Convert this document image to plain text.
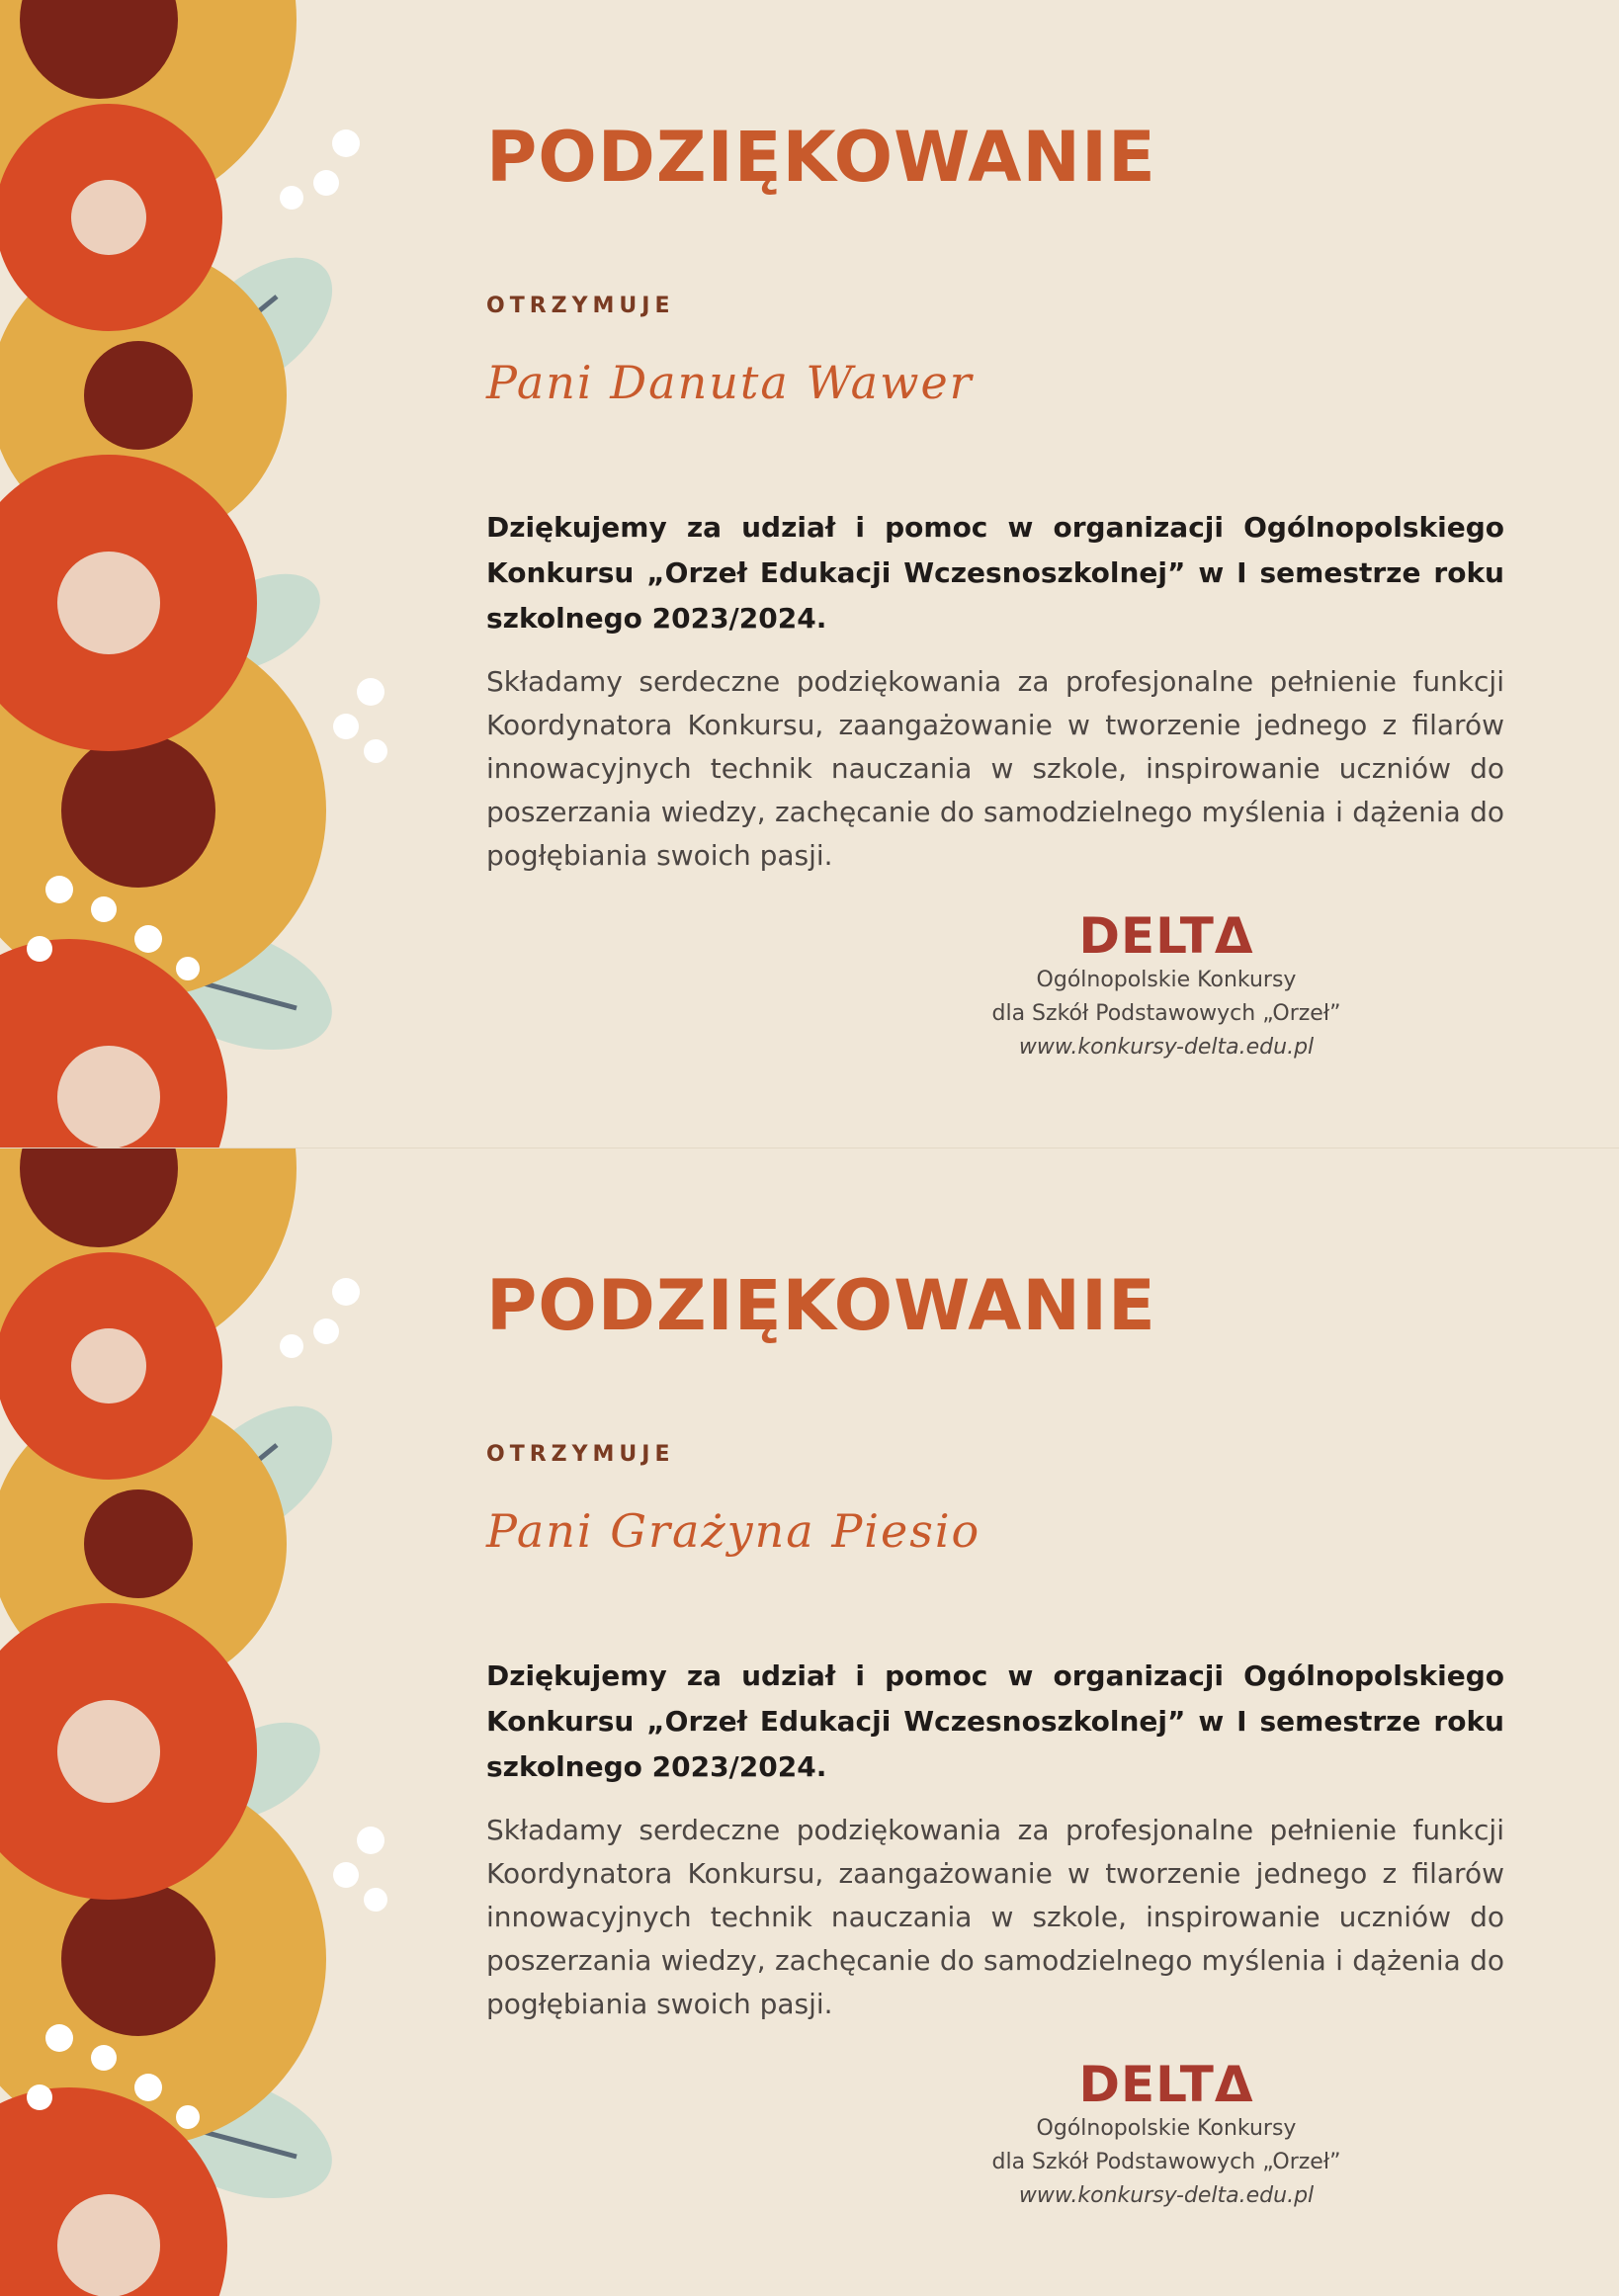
PODZIĘKOWANIE
OTRZYMUJE
Pani Danuta Wawer
Dziękujemy za udział i pomoc w organizacji Ogólnopolskiego Konkursu „Orzeł Edukacji Wczesnoszkolnej” w I semestrze roku szkolnego 2023/2024.
Składamy serdeczne podziękowania za profesjonalne pełnienie funkcji Koordynatora Konkursu, zaangażowanie w tworzenie jednego z filarów innowacyjnych technik nauczania w szkole, inspirowanie uczniów do poszerzania wiedzy, zachęcanie do samodzielnego myślenia i dążenia do pogłębiania swoich pasji.
DELTΔ
Ogólnopolskie Konkursy
dla Szkół Podstawowych „Orzeł”
www.konkursy-delta.edu.pl
PODZIĘKOWANIE
OTRZYMUJE
Pani Grażyna Piesio
Dziękujemy za udział i pomoc w organizacji Ogólnopolskiego Konkursu „Orzeł Edukacji Wczesnoszkolnej” w I semestrze roku szkolnego 2023/2024.
Składamy serdeczne podziękowania za profesjonalne pełnienie funkcji Koordynatora Konkursu, zaangażowanie w tworzenie jednego z filarów innowacyjnych technik nauczania w szkole, inspirowanie uczniów do poszerzania wiedzy, zachęcanie do samodzielnego myślenia i dążenia do pogłębiania swoich pasji.
DELTΔ
Ogólnopolskie Konkursy
dla Szkół Podstawowych „Orzeł”
www.konkursy-delta.edu.pl
